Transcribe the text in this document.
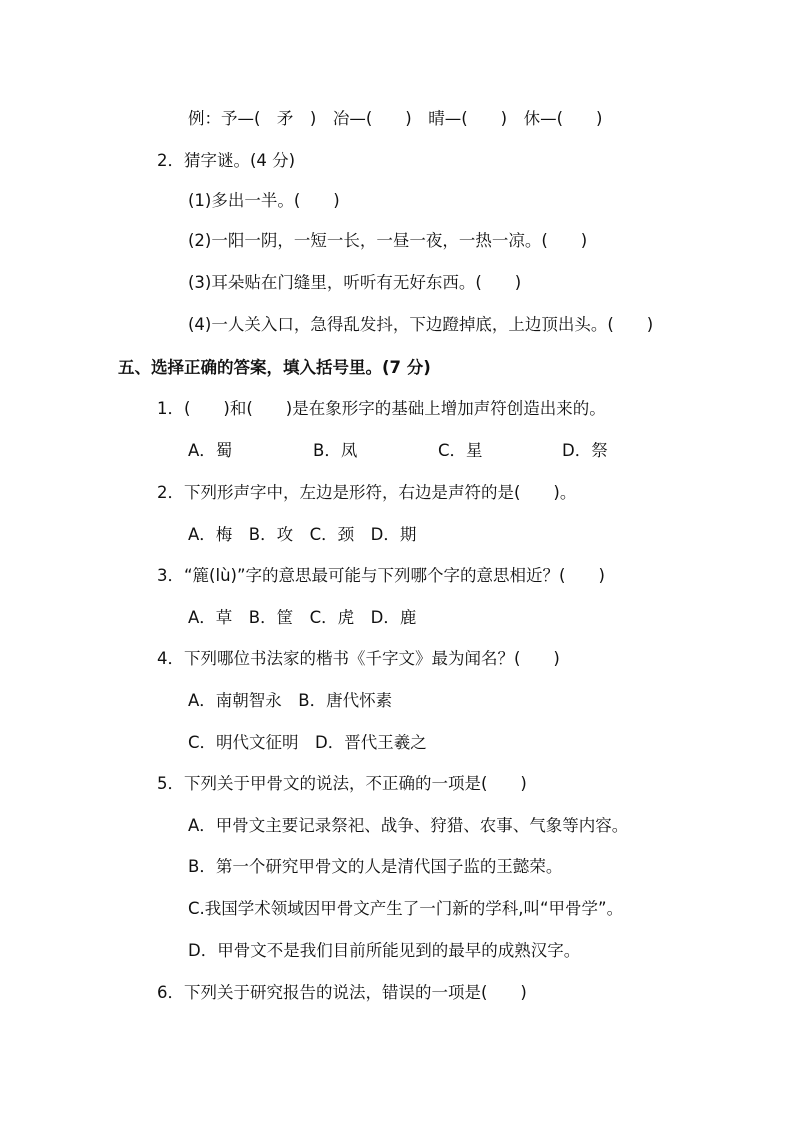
例：予—(　矛　)　冶—(　　)　晴—(　　)　休—(　　)
2．猜字谜。(4 分)
(1)多出一半。(　　)
(2)一阳一阴，一短一长，一昼一夜，一热一凉。(　　)
(3)耳朵贴在门缝里，听听有无好东西。(　　)
(4)一人关入口，急得乱发抖，下边蹬掉底，上边顶出头。(　　)
五、选择正确的答案，填入括号里。(7 分)
1．(　　)和(　　)是在象形字的基础上增加声符创造出来的。
A．蜀	B．凤	C．星	D．祭
2．下列形声字中，左边是形符，右边是声符的是(　　)。
A．梅　B．攻　C．颈　D．期
3．“簏(lù)”字的意思最可能与下列哪个字的意思相近？(　　)
A．草　B．筐　C．虎　D．鹿
4．下列哪位书法家的楷书《千字文》最为闻名？(　　)
A．南朝智永　B．唐代怀素
C．明代文征明　D．晋代王羲之
5．下列关于甲骨文的说法，不正确的一项是(　　)
A．甲骨文主要记录祭祀、战争、狩猎、农事、气象等内容。
B．第一个研究甲骨文的人是清代国子监的王懿荣。
C.我国学术领域因甲骨文产生了一门新的学科,叫“甲骨学”。
D．甲骨文不是我们目前所能见到的最早的成熟汉字。
6．下列关于研究报告的说法，错误的一项是(　　)
